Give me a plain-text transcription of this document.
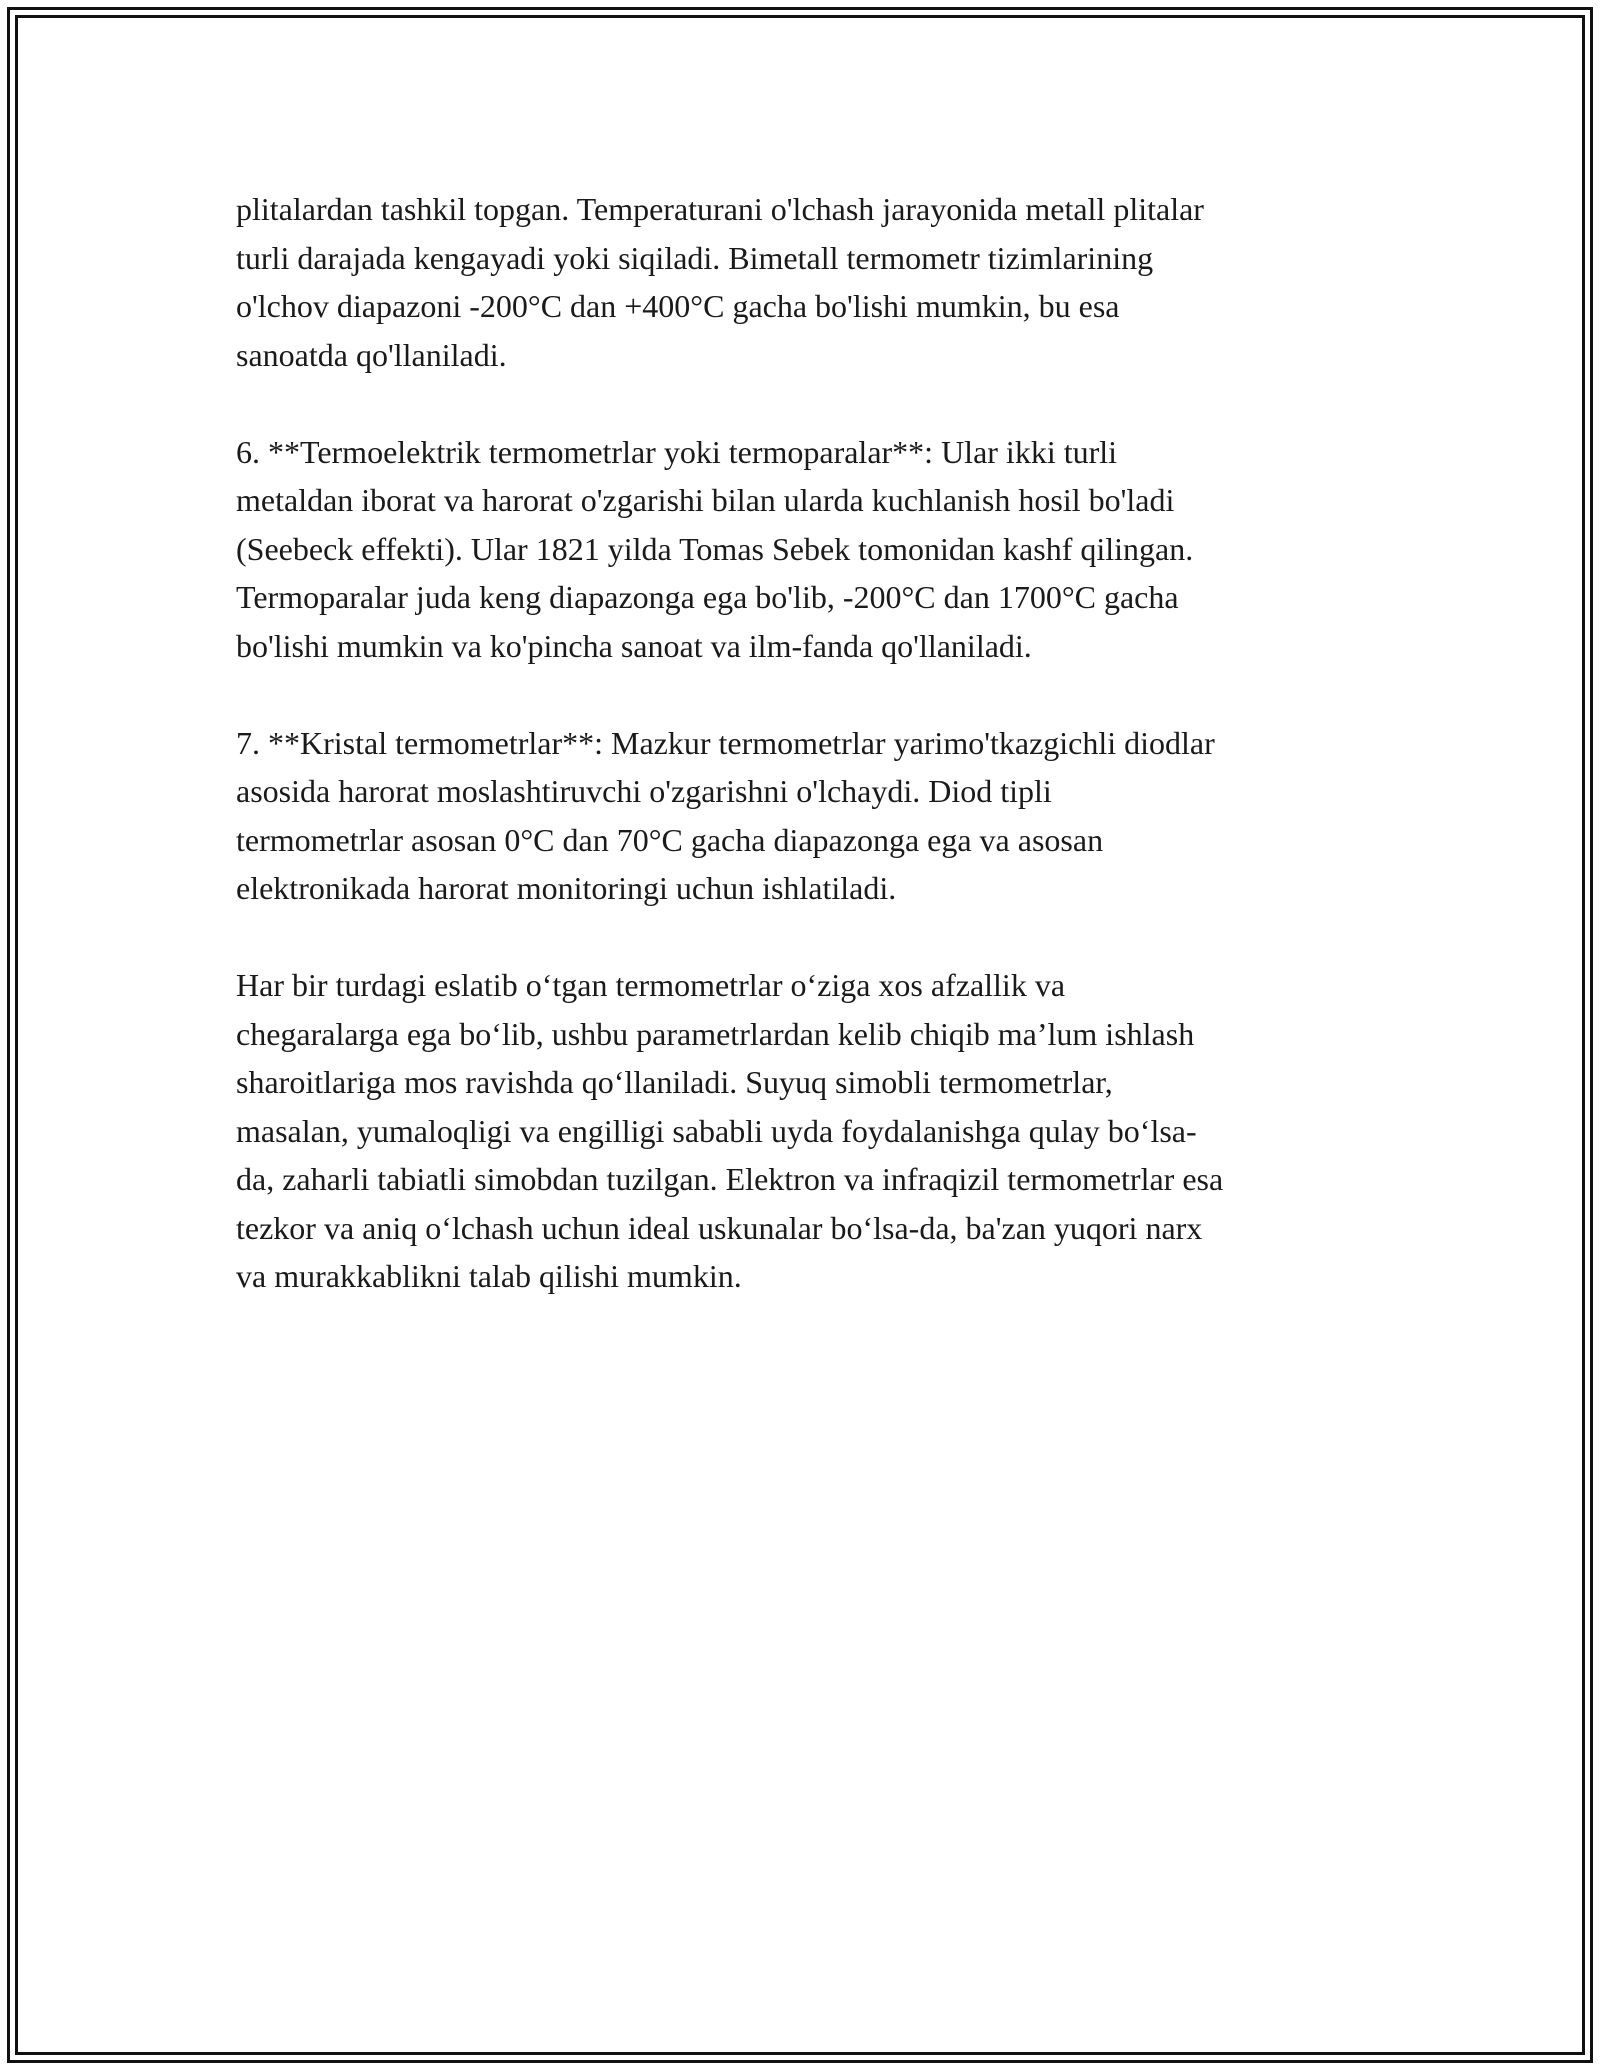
plitalardan tashkil topgan. Temperaturani o'lchash jarayonida metall plitalar
turli darajada kengayadi yoki siqiladi. Bimetall termometr tizimlarining
o'lchov diapazoni -200°C dan +400°C gacha bo'lishi mumkin, bu esa
sanoatda qo'llaniladi.

6. **Termoelektrik termometrlar yoki termoparalar**: Ular ikki turli
metaldan iborat va harorat o'zgarishi bilan ularda kuchlanish hosil bo'ladi
(Seebeck effekti). Ular 1821 yilda Tomas Sebek tomonidan kashf qilingan.
Termoparalar juda keng diapazonga ega bo'lib, -200°C dan 1700°C gacha
bo'lishi mumkin va ko'pincha sanoat va ilm-fanda qo'llaniladi.

7. **Kristal termometrlar**: Mazkur termometrlar yarimo'tkazgichli diodlar
asosida harorat moslashtiruvchi o'zgarishni o'lchaydi. Diod tipli
termometrlar asosan 0°C dan 70°C gacha diapazonga ega va asosan
elektronikada harorat monitoringi uchun ishlatiladi.

Har bir turdagi eslatib o‘tgan termometrlar o‘ziga xos afzallik va
chegaralarga ega bo‘lib, ushbu parametrlardan kelib chiqib ma’lum ishlash
sharoitlariga mos ravishda qo‘llaniladi. Suyuq simobli termometrlar,
masalan, yumaloqligi va engilligi sababli uyda foydalanishga qulay bo‘lsa-
da, zaharli tabiatli simobdan tuzilgan. Elektron va infraqizil termometrlar esa
tezkor va aniq o‘lchash uchun ideal uskunalar bo‘lsa-da, ba'zan yuqori narx
va murakkablikni talab qilishi mumkin.
